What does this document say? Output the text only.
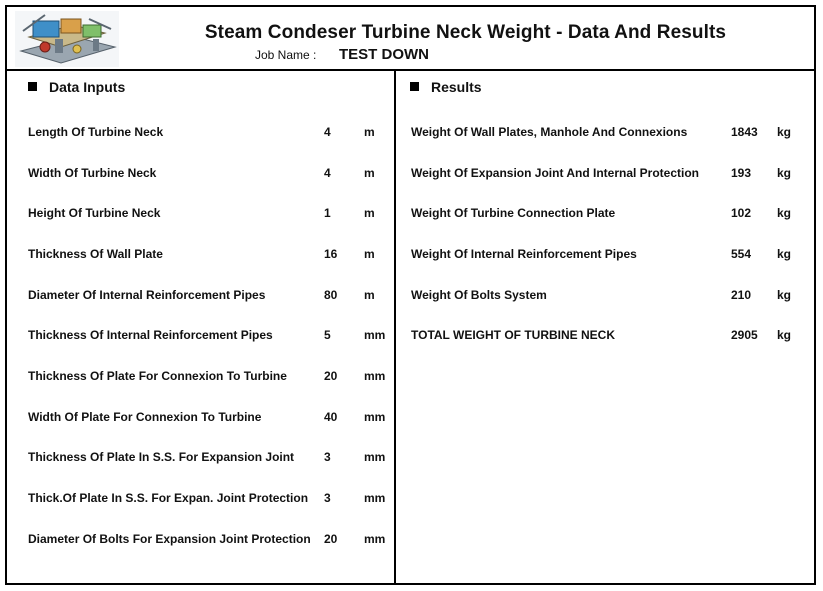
Steam Condeser Turbine Neck Weight - Data And Results
Job Name : TEST DOWN
Data Inputs	Results
Length Of Turbine Neck	4	m
Width Of Turbine Neck	4	m
Height Of Turbine Neck	1	m
Thickness Of Wall Plate	16 m
Diameter Of Internal Reinforcement Pipes	80 m
Thickness Of Internal Reinforcement Pipes	5	mm
Thickness Of Plate For Connexion To Turbine	20 mm
Width Of Plate For Connexion To Turbine	40 mm
Thickness Of Plate In S.S. For Expansion Joint 3	mm
Thick.Of Plate In S.S. For Expan. Joint Protection 3	mm
Diameter Of Bolts For Expansion Joint Protection 20 mm
Weight Of Wall Plates, Manhole And Connexions	1843 kg
Weight Of Expansion Joint And Internal Protection	193 kg
Weight Of Turbine Connection Plate	102 kg
Weight Of Internal Reinforcement Pipes	554 kg
Weight Of Bolts System	210 kg
TOTAL WEIGHT OF TURBINE NECK	2905 kg
